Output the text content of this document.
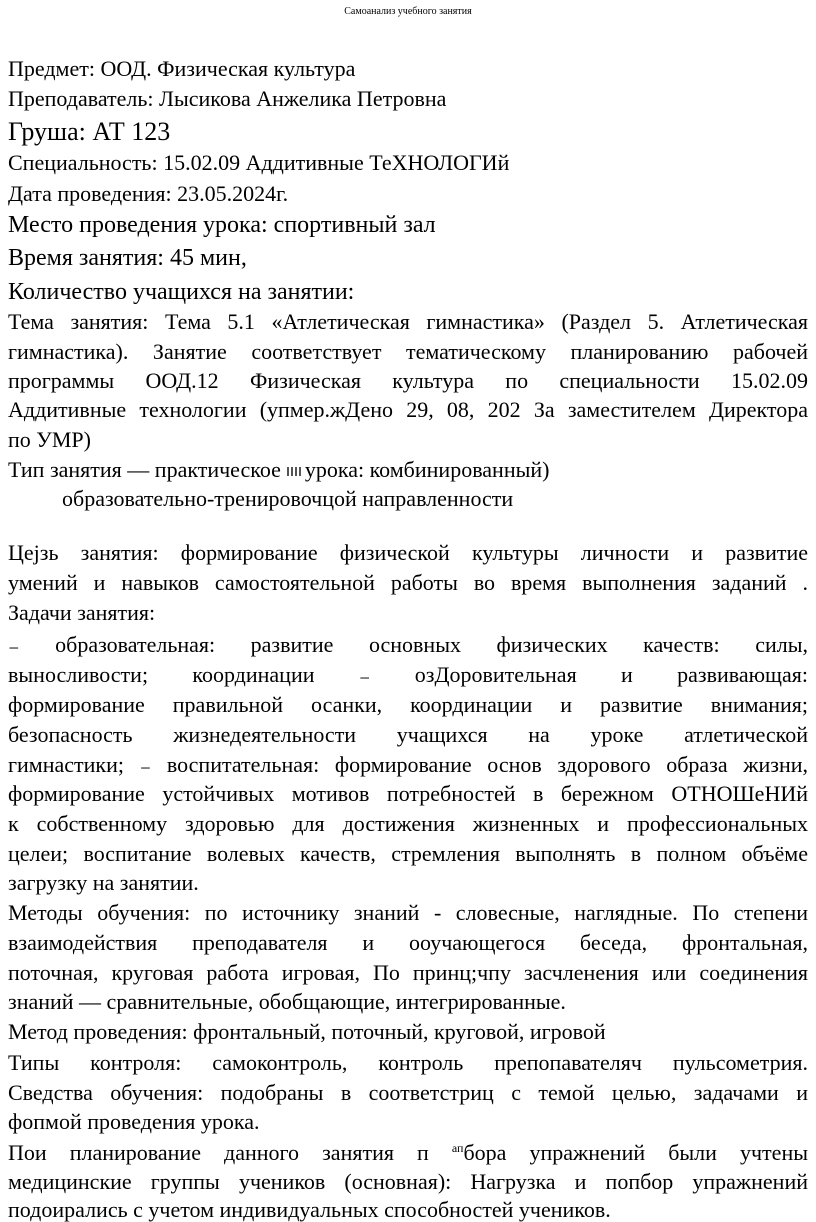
Самоанализ учебного занятия
Предмет: ООД. Физическая культура
Преподаватель: Лысикова Анжелика Петровна
Груша: АТ 123
Специальность: 15.02.09 Аддитивные ТеХНОЛОГИй
Дата проведения: 23.05.2024г.
Место проведения урока: спортивный зал
Время занятия: 45 мин,
Количество учащихся на занятии:
Тема занятия: Тема 5.1 «Атлетическая гимнастика» (Раздел 5. Атлетическая
гимнастика). Занятие соответствует тематическому планированию рабочей
программы ООД.12 Физическая культура по специальности 15.02.09
Аддитивные технологии (упмер.жДено 29, 08, 202 За заместителем Директора
по УМР)
Тип занятия — практическое урока: комбинированный)
образовательно-тренировочцой направленности
Цejзь занятия: формирование физической культуры личности и развитие
умений и навыков самостоятельной работы во время выполнения заданий .
Задачи занятия:
₋ образовательная: развитие основных физических качеств: силы,
выносливости; координации ₋ озДоровительная и развивающая:
формирование правильной осанки, координации и развитие внимания;
безопасность жизнедеятельности учащихся на уроке атлетической
гимнастики; ₋ воспитательная: формирование основ здорового образа жизни,
формирование устойчивых мотивов потребностей в бережном ОТНОШеНИй
к собственному здоровью для достижения жизненных и профессиональных
целеи; воспитание волевых качеств, стремления выполнять в полном объёме
загрузку на занятии.
Методы обучения: по источнику знаний - словесные, наглядные. По степени
взаимодействия преподавателя и ооучающегося беседа, фронтальная,
поточная, круговая работа игровая, По принц;чпу засчленения или соединения
знаний — сравнительные, обобщающие, интегрированные.
Метод проведения: фронтальный, поточный, круговой, игровой
Типы контроля: самоконтроль, контроль препопавателяч пульсометрия.
Сведства обучения: подобраны в соответстриц с темой целью, задачами и
фопмой проведения урока.
Пои планирование данного занятия п $^{ап}$бора упражнений были учтены
медицинские группы учеников (основная): Нагрузка и попбор упражнений
подоирались с учетом индивидуальных способностей учеников.
